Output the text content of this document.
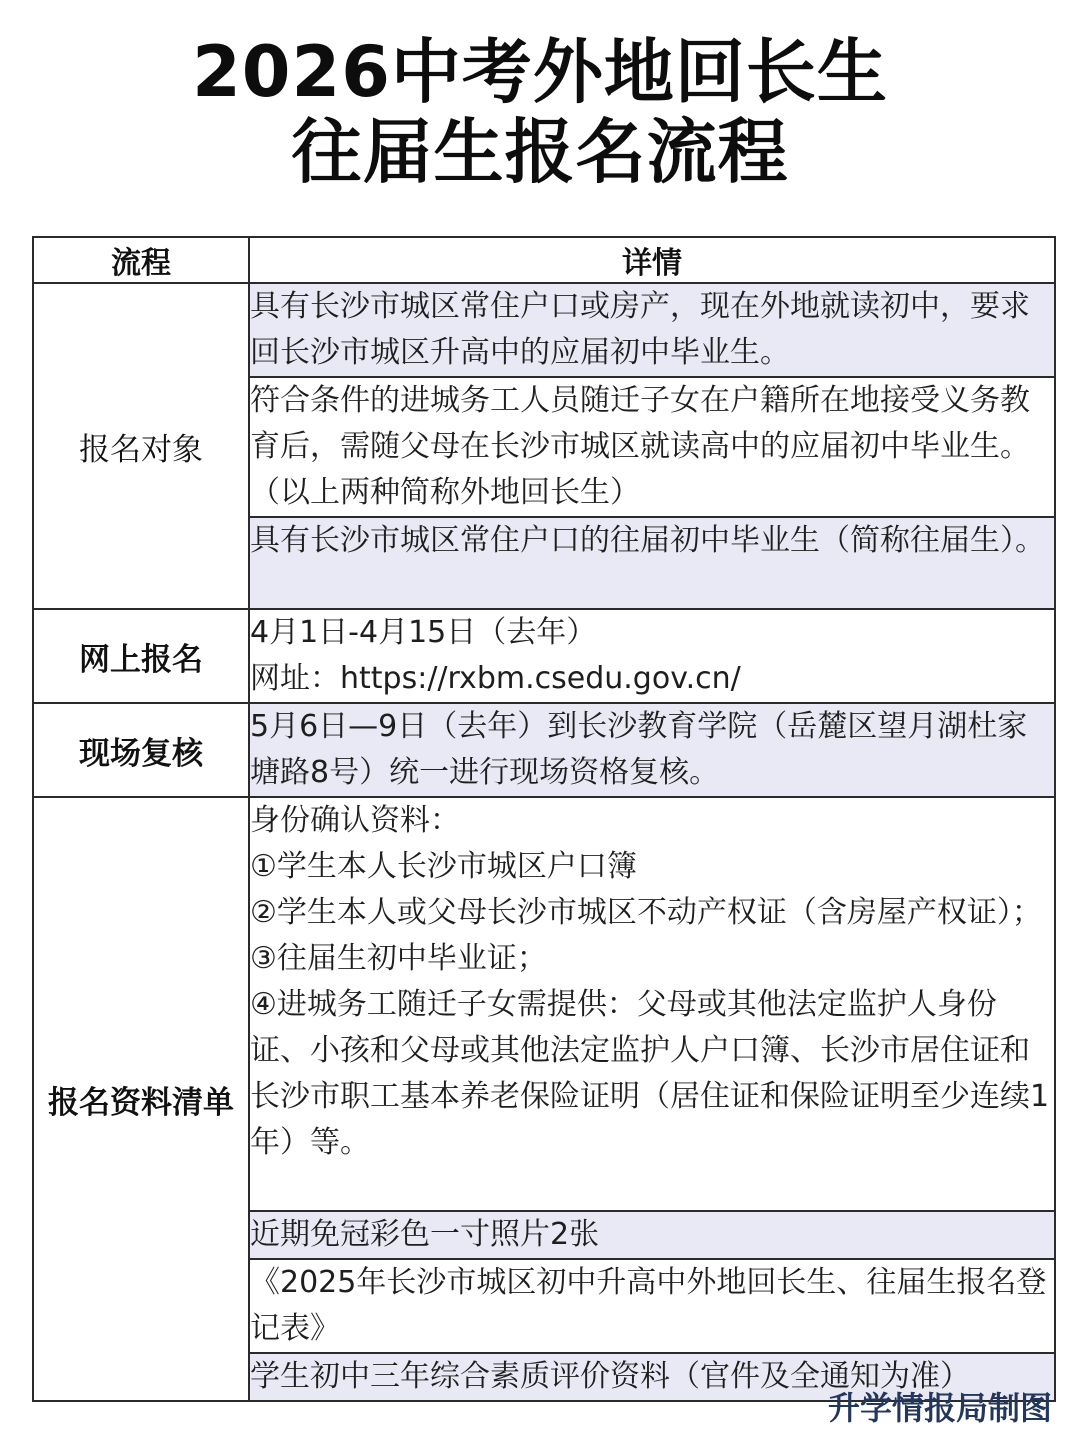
2026中考外地回长生
往届生报名流程
流程	详情
报名对象	具有长沙市城区常住户口或房产，现在外地就读初中，要求回长沙市城区升高中的应届初中毕业生。
	符合条件的进城务工人员随迁子女在户籍所在地接受义务教育后，需随父母在长沙市城区就读高中的应届初中毕业生。（以上两种简称外地回长生）
	具有长沙市城区常住户口的往届初中毕业生（简称往届生）。
网上报名	4月1日-4月15日（去年）
网址：https://rxbm.csedu.gov.cn/

现场复核	5月6日—9日（去年）到长沙教育学院（岳麓区望月湖杜家塘路8号）统一进行现场资格复核。
报名资料清单	身份确认资料：
①学生本人长沙市城区户口簿
②学生本人或父母长沙市城区不动产权证（含房屋产权证）；
③往届生初中毕业证；
④进城务工随迁子女需提供：父母或其他法定监护人身份证、小孩和父母或其他法定监护人户口簿、长沙市居住证和长沙市职工基本养老保险证明（居住证和保险证明至少连续1年）等。

	近期免冠彩色一寸照片2张
	《2025年长沙市城区初中升高中外地回长生、往届生报名登记表》
	学生初中三年综合素质评价资料（官件及全通知为准）
升学情报局制图
